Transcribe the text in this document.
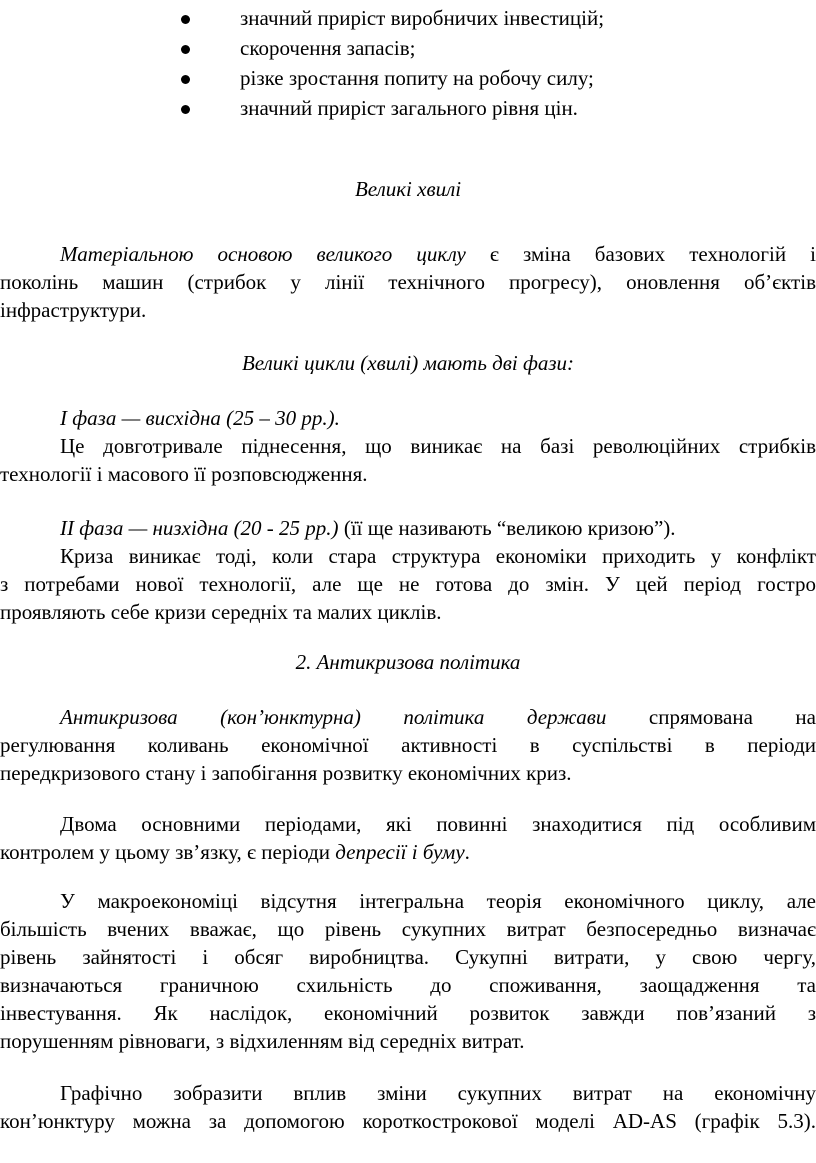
значний приріст виробничих інвестицій;
скорочення запасів;
різке зростання попиту на робочу силу;
значний приріст загального рівня цін.
Великі хвилі
Матеріальною основою великого циклу є зміна базових технологій і
поколінь машин (стрибок у лінії технічного прогресу), оновлення об’єктів
інфраструктури.
Великі цикли (хвилі) мають дві фази:
І фаза — висхідна (25 – 30 рр.).
Це довготривале піднесення, що виникає на базі революційних стрибків
технології і масового її розповсюдження.
ІІ фаза — низхідна (20 - 25 рр.) (її ще називають “великою кризою”).
Криза виникає тоді, коли стара структура економіки приходить у конфлікт
з потребами нової технології, але ще не готова до змін. У цей період гостро
проявляють себе кризи середніх та малих циклів.
2. Антикризова політика
Антикризова (кон’юнктурна) політика держави спрямована на
регулювання коливань економічної активності в суспільстві в періоди
передкризового стану і запобігання розвитку економічних криз.
Двома основними періодами, які повинні знаходитися під особливим
контролем у цьому зв’язку, є періоди депресії і буму.
У макроекономіці відсутня інтегральна теорія економічного циклу, але
більшість вчених вважає, що рівень сукупних витрат безпосередньо визначає
рівень зайнятості і обсяг виробництва. Сукупні витрати, у свою чергу,
визначаються граничною схильність до споживання, заощадження та
інвестування. Як наслідок, економічний розвиток завжди пов’язаний з
порушенням рівноваги, з відхиленням від середніх витрат.
Графічно зобразити вплив зміни сукупних витрат на економічну
кон’юнктуру можна за допомогою короткострокової моделі AD-AS (графік 5.3).
